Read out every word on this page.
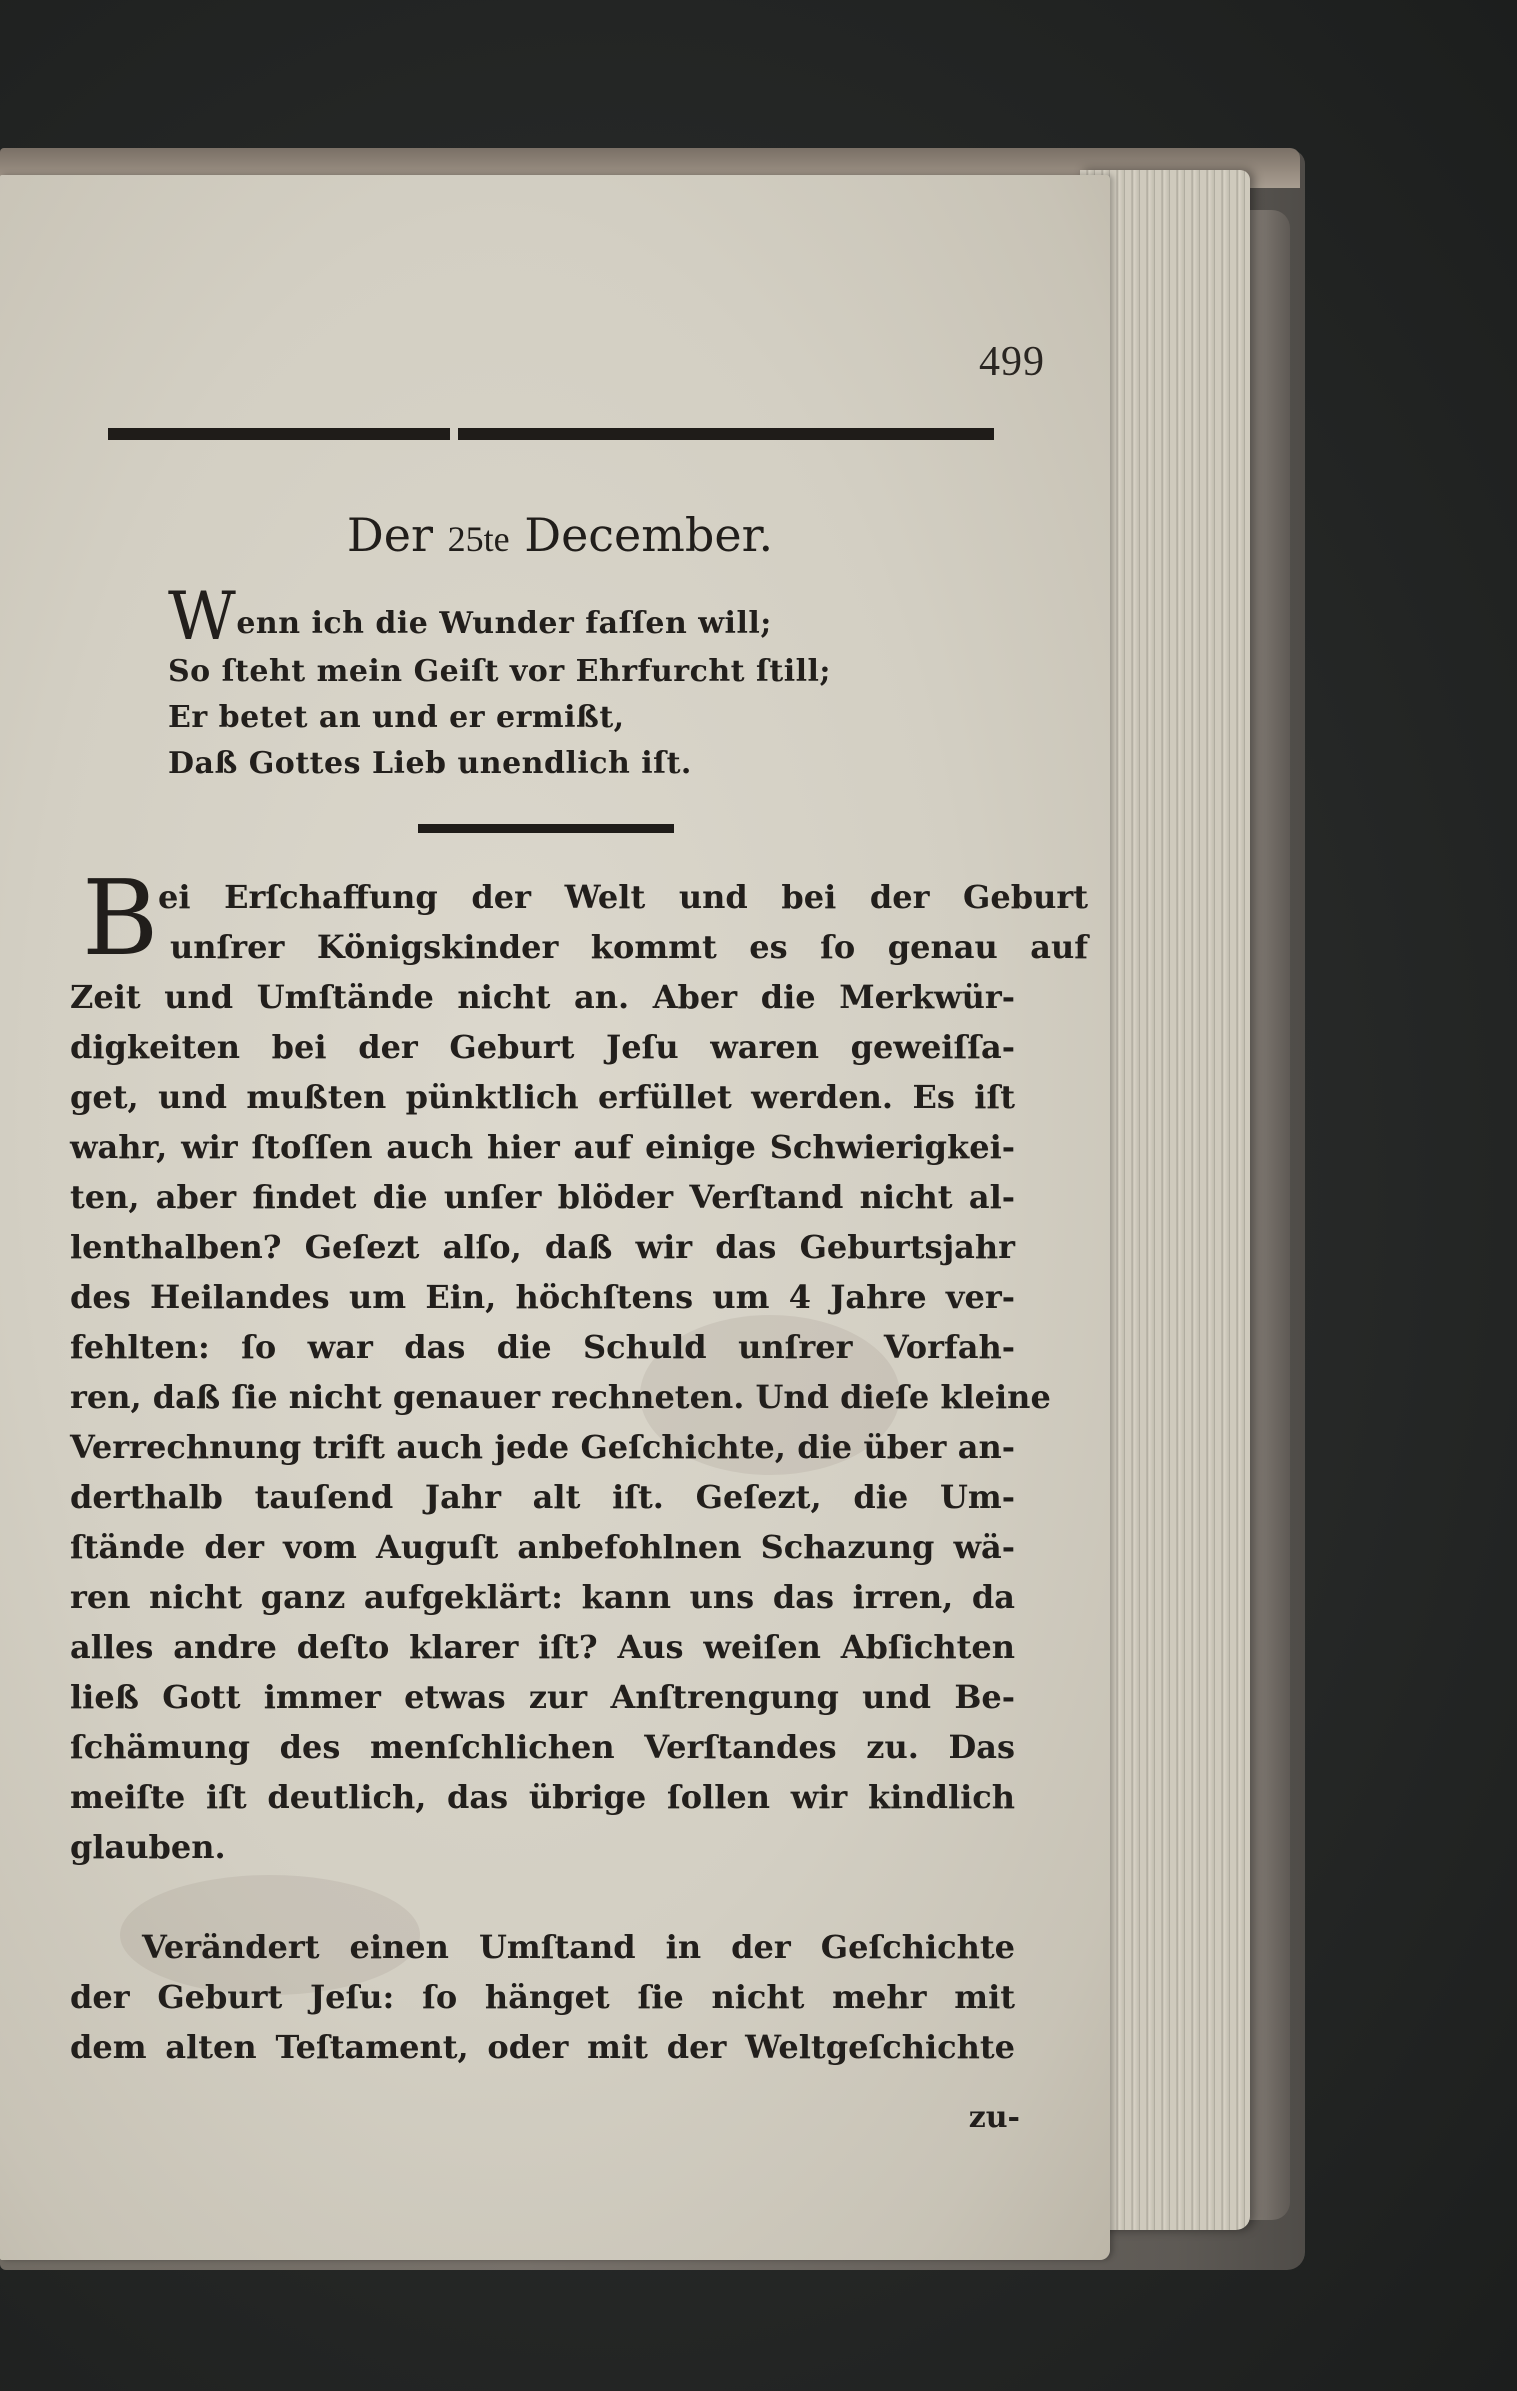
499
Der 25te December.
Wenn ich die Wunder faſſen will;
So ſteht mein Geiſt vor Ehrfurcht ſtill;
Er betet an und er ermißt,
Daß Gottes Lieb unendlich iſt.
B ei Erſchaffung der Welt und bei der Geburt
unſrer Königskinder kommt es ſo genau auf
Zeit und Umſtände nicht an. Aber die Merkwür-
digkeiten bei der Geburt Jeſu waren geweiſſa-
get, und mußten pünktlich erfüllet werden. Es iſt
wahr, wir ſtoſſen auch hier auf einige Schwierigkei-
ten, aber findet die unſer blöder Verſtand nicht al-
lenthalben? Geſezt alſo, daß wir das Geburtsjahr
des Heilandes um Ein, höchſtens um 4 Jahre ver-
fehlten: ſo war das die Schuld unſrer Vorfah-
ren, daß ſie nicht genauer rechneten. Und dieſe kleine
Verrechnung trift auch jede Geſchichte, die über an-
derthalb tauſend Jahr alt iſt. Geſezt, die Um-
ſtände der vom Auguſt anbefohlnen Schazung wä-
ren nicht ganz aufgeklärt: kann uns das irren, da
alles andre deſto klarer iſt? Aus weiſen Abſichten
ließ Gott immer etwas zur Anſtrengung und Be-
ſchämung des menſchlichen Verſtandes zu. Das
meiſte iſt deutlich, das übrige ſollen wir kindlich
glauben.
Verändert einen Umſtand in der Geſchichte
der Geburt Jeſu: ſo hänget ſie nicht mehr mit
dem alten Teſtament, oder mit der Weltgeſchichte
zu-
